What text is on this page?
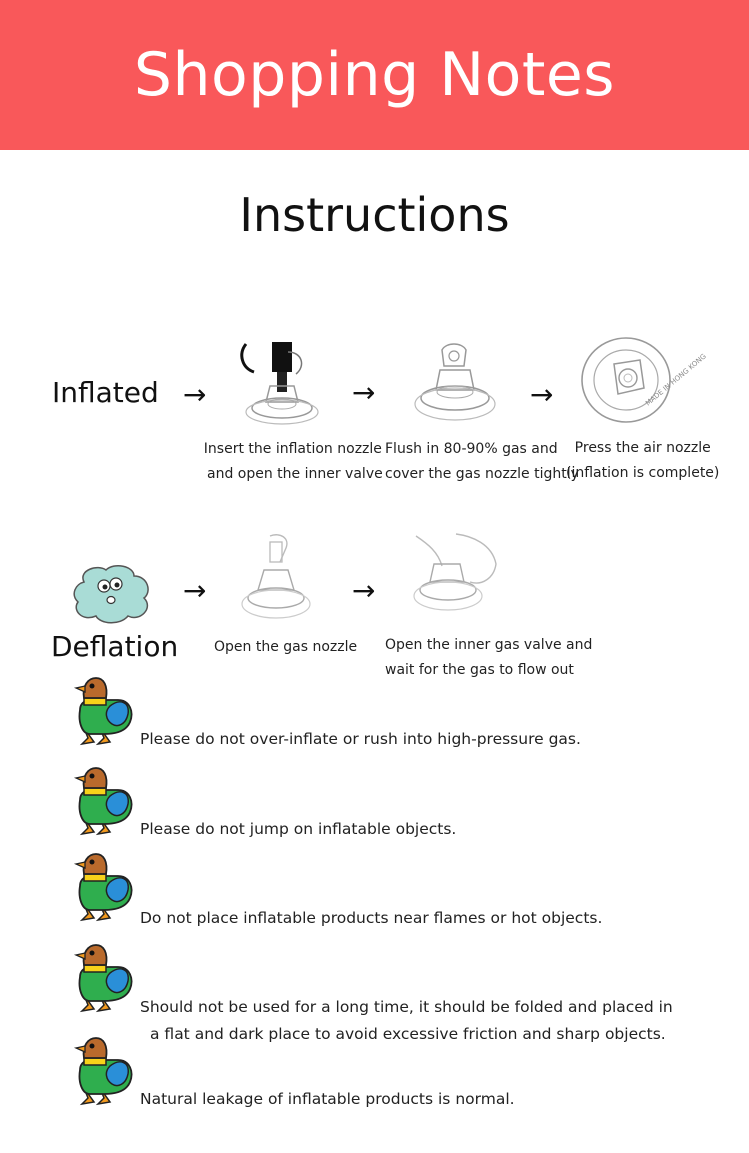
Shopping Notes
Instructions
Inflated →	→	→	MADE IN HONG KONG
Insert the inflation nozzle
and open the inner valve
Flush in 80-90% gas and
cover the gas nozzle tightly
Press the air nozzle
(inflation is complete)
Deflation
→	→
Open the gas nozzle Open the inner gas valve and
wait for the gas to flow out
Please do not over-inflate or rush into high-pressure gas.
Please do not jump on inflatable objects.
Do not place inflatable products near flames or hot objects.
Should not be used for a long time, it should be folded and placed in
a flat and dark place to avoid excessive friction and sharp objects.
Natural leakage of inflatable products is normal.
